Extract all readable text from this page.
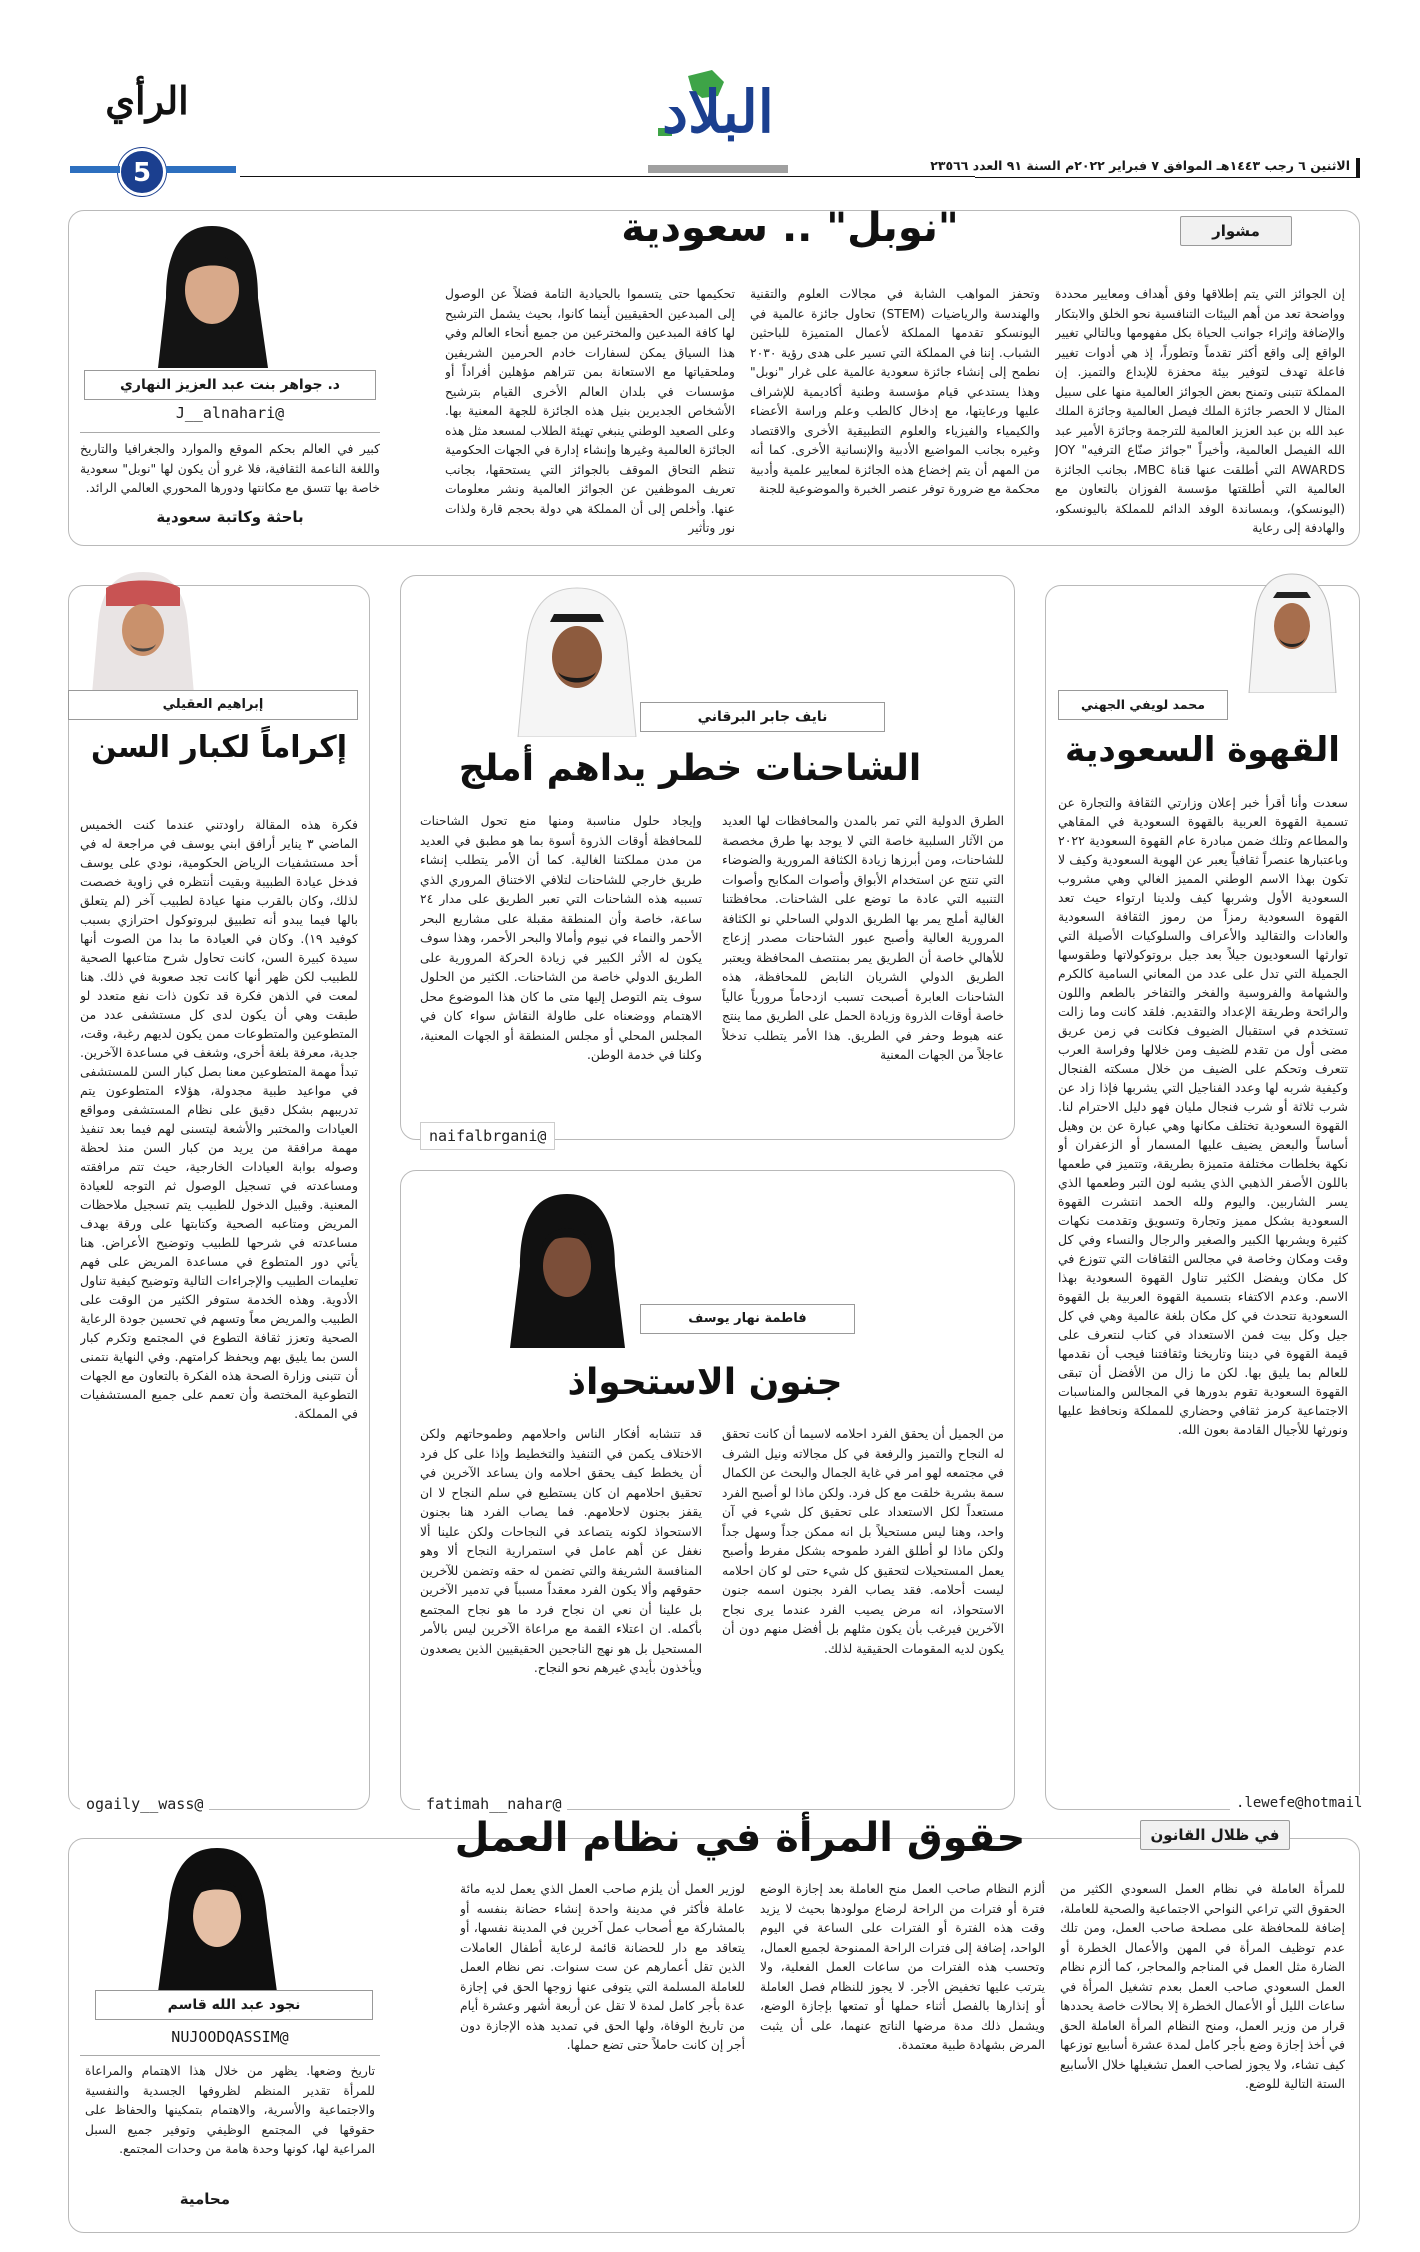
الرأي
5
البلاد
الاثنين ٦ رجب ١٤٤٣هـ الموافق ٧ فبراير ٢٠٢٢م السنة ٩١ العدد ٢٣٥٦٦
مشوار
"نوبل" .. سعودية
إن الجوائز التي يتم إطلاقها وفق أهداف ومعايير محددة وواضحة تعد من أهم البيئات التنافسية نحو الخلق والابتكار والإضافة وإثراء جوانب الحياة بكل مفهومها وبالتالي تغيير الواقع إلى واقع أكثر تقدماً وتطوراً، إذ هي أدوات تغيير فاعلة تهدف لتوفير بيئة محفزة للإبداع والتميز. إن المملكة تتبنى وتمنح بعض الجوائز العالمية منها على سبيل المثال لا الحصر جائزة الملك فيصل العالمية وجائزة الملك عبد الله بن عبد العزيز العالمية للترجمة وجائزة الأمير عبد الله الفيصل العالمية، وأخيراً "جوائز صنّاع الترفيه" JOY AWARDS التي أطلقت عنها قناة MBC، بجانب الجائزة العالمية التي أطلقتها مؤسسة الفوزان بالتعاون مع (اليونسكو)، وبمساندة الوفد الدائم للمملكة باليونسكو، والهادفة إلى رعاية
وتحفز المواهب الشابة في مجالات العلوم والتقنية والهندسة والرياضيات (STEM) تحاول جائزة عالمية في اليونسكو تقدمها المملكة لأعمال المتميزة للباحثين الشباب. إننا في المملكة التي تسير على هدى رؤية ٢٠٣٠ نطمح إلى إنشاء جائزة سعودية عالمية على غرار "نوبل" وهذا يستدعي قيام مؤسسة وطنية أكاديمية للإشراف عليها ورعايتها، مع إدخال كالطب وعلم وراسة الأعضاء والكيمياء والفيزياء والعلوم التطبيقية الأخرى والاقتصاد وغيره بجانب المواضيع الأدبية والإنسانية الأخرى. كما أنه من المهم أن يتم إخضاع هذه الجائزة لمعايير علمية وأدبية محكمة مع ضرورة توفر عنصر الخبرة والموضوعية للجنة
تحكيمها حتى يتسموا بالحيادية التامة فضلاً عن الوصول إلى المبدعين الحقيقيين أينما كانوا، بحيث يشمل الترشيح لها كافة المبدعين والمخترعين من جميع أنحاء العالم وفي هذا السياق يمكن لسفارات خادم الحرمين الشريفين وملحقياتها مع الاستعانة بمن تتراهم مؤهلين أفراداً أو مؤسسات في بلدان العالم الأخرى القيام بترشيح الأشخاص الجديرين بنيل هذه الجائزة للجهة المعنية بها. وعلى الصعيد الوطني ينبغي تهيئة الطلاب لمسعد مثل هذه الجائزة العالمية وغيرها وإنشاء إدارة في الجهات الحكومية تنظم التحاق الموقف بالجوائز التي يستحقها، بجانب تعريف الموظفين عن الجوائز العالمية ونشر معلومات عنها. وأخلص إلى أن المملكة هي دولة بحجم قارة ولذات نور وتأثير
د. جواهر بنت عبد العزيز النهاري
@J__alnahari
كبير في العالم بحكم الموقع والموارد والجغرافيا والتاريخ واللغة الناعمة الثقافية، فلا غرو أن يكون لها "نوبل" سعودية خاصة بها تتسق مع مكانتها ودورها المحوري العالمي الرائد.
باحثة وكاتبة سعودية
محمد لويفي الجهني
القهوة السعودية
سعدت وأنا أقرأ خبر إعلان وزارتي الثقافة والتجارة عن تسمية القهوة العربية بالقهوة السعودية في المقاهي والمطاعم وتلك ضمن مبادرة عام القهوة السعودية ٢٠٢٢ وباعتبارها عنصراً ثقافياً يعبر عن الهوية السعودية وكيف لا تكون بهذا الاسم الوطني المميز الغالي وهي مشروب السعودية الأول وشربها كيف ولدينا ارتواء حيث تعد القهوة السعودية رمزاً من رموز الثقافة السعودية والعادات والتقاليد والأعراف والسلوكيات الأصيلة التي توارثها السعوديون جيلاً بعد جيل بروتوكولاتها وطقوسها الجميلة التي تدل على عدد من المعاني السامية كالكرم والشهامة والفروسية والفخر والتفاخر بالطعم واللون والرائحة وطريقة الإعداد والتقديم. فلقد كانت وما زالت تستخدم في استقبال الضيوف فكانت في زمن عريق مضى أول من تقدم للضيف ومن خلالها وفراسة العرب تتعرف وتحكم على الضيف من خلال مسكته الفنجال وكيفية شربه لها وعدد الفناجيل التي يشربها فإذا زاد عن شرب ثلاثة أو شرب فنجال مليان فهو دليل الاحترام لنا. القهوة السعودية تختلف مكانها وهي عبارة عن بن وهيل أساساً والبعض يضيف عليها المسمار أو الزعفران أو نكهة بخلطات مختلفة متميزة بطريقة، وتتميز في طعمها باللون الأصفر الذهبي الذي يشبه لون التبر وطعمها الذي يسر الشاربين. واليوم ولله الحمد انتشرت القهوة السعودية بشكل مميز وتجارة وتسويق وتقدمت نكهات كثيرة ويشربها الكبير والصغير والرجال والنساء وفي كل وقت ومكان وخاصة في مجالس الثقافات التي تتوزع في كل مكان ويفضل الكثير تناول القهوة السعودية بهذا الاسم. وعدم الاكتفاء بتسمية القهوة العربية بل القهوة السعودية تتحدث في كل مكان بلغة عالمية وهي في كل جيل وكل بيت فمن الاستعداد في كتاب لنتعرف على قيمة القهوة في ديننا وتاريخنا وثقافتنا فيجب أن نقدمها للعالم بما يليق بها. لكن ما زال من الأفضل أن تبقى القهوة السعودية تقوم بدورها في المجالس والمناسبات الاجتماعية كرمز ثقافي وحضاري للمملكة ونحافظ عليها ونورثها للأجيال القادمة بعون الله.
lewefe@hotmail.
نايف جابر البرقاني
الشاحنات خطر يداهم أملج
الطرق الدولية التي تمر بالمدن والمحافظات لها العديد من الآثار السلبية خاصة التي لا يوجد بها طرق مخصصة للشاحنات، ومن أبرزها زيادة الكثافة المرورية والضوضاء التي تنتج عن استخدام الأبواق وأصوات المكابح وأصوات التنبيه التي عادة ما توضع على الشاحنات. محافظتنا الغالية أملج يمر بها الطريق الدولي الساحلي نو الكثافة المرورية العالية وأصبح عبور الشاحنات مصدر إزعاج للأهالي خاصة أن الطريق يمر بمنتصف المحافظة ويعتبر الطريق الدولي الشريان النابض للمحافظة، هذه الشاحنات العابرة أصبحت تسبب ازدحاماً مرورياً عالياً خاصة أوقات الذروة وزيادة الحمل على الطريق مما ينتج عنه هبوط وحفر في الطريق. هذا الأمر يتطلب تدخلاً عاجلاً من الجهات المعنية
وإيجاد حلول مناسبة ومنها منع تحول الشاحنات للمحافظة أوقات الذروة أسوة بما هو مطبق في العديد من مدن مملكتنا الغالية. كما أن الأمر يتطلب إنشاء طريق خارجي للشاحنات لتلافي الاختناق المروري الذي تسببه هذه الشاحنات التي تعبر الطريق على مدار ٢٤ ساعة، خاصة وأن المنطقة مقبلة على مشاريع البحر الأحمر والنماء في نيوم وأمالا والبحر الأحمر، وهذا سوف يكون له الأثر الكبير في زيادة الحركة المرورية على الطريق الدولي خاصة من الشاحنات. الكثير من الحلول سوف يتم التوصل إليها متى ما كان هذا الموضوع محل الاهتمام ووضعناه على طاولة النقاش سواء كان في المجلس المحلي أو مجلس المنطقة أو الجهات المعنية، وكلنا في خدمة الوطن.
@naifalbrgani
إبراهيم العقيلي
إكراماً لكبار السن
فكرة هذه المقالة راودتني عندما كنت الخميس الماضي ٣ يناير أرافق ابني يوسف في مراجعة له في أحد مستشفيات الرياض الحكومية، نودي على يوسف فدخل عيادة الطبيبة وبقيت أنتظره في زاوية خصصت لذلك، وكان بالقرب منها عيادة لطبيب آخر (لم يتعلق بالها فيما يبدو أنه تطبيق لبروتوكول احترازي بسبب كوفيد ١٩). وكان في العيادة ما بدا من الصوت أنها سيدة كبيرة السن، كانت تحاول شرح متاعبها الصحية للطبيب لكن ظهر أنها كانت تجد صعوبة في ذلك. هنا لمعت في الذهن فكرة قد تكون ذات نفع متعدد لو طبقت وهي أن يكون لدى كل مستشفى عدد من المتطوعين والمتطوعات ممن يكون لديهم رغبة، وقت، جدية، معرفة بلغة أخرى، وشغف في مساعدة الآخرين. تبدأ مهمة المتطوعين معنا بصل كبار السن للمستشفى في مواعيد طبية مجدولة، هؤلاء المتطوعون يتم تدريبهم بشكل دقيق على نظام المستشفى ومواقع العيادات والمختبر والأشعة ليتسنى لهم فيما بعد تنفيذ مهمة مرافقة من يريد من كبار السن منذ لحظة وصوله بوابة العيادات الخارجية، حيث تتم مرافقته ومساعدته في تسجيل الوصول ثم التوجه للعيادة المعنية. وقبيل الدخول للطبيب يتم تسجيل ملاحظات المريض ومتاعبه الصحية وكتابتها على ورقة بهدف مساعدته في شرحها للطبيب وتوضيح الأعراض. هنا يأتي دور المتطوع في مساعدة المريض على فهم تعليمات الطبيب والإجراءات التالية وتوضيح كيفية تناول الأدوية. وهذه الخدمة ستوفر الكثير من الوقت على الطبيب والمريض معاً وتسهم في تحسين جودة الرعاية الصحية وتعزز ثقافة التطوع في المجتمع وتكرم كبار السن بما يليق بهم ويحفظ كرامتهم. وفي النهاية نتمنى أن تتبنى وزارة الصحة هذه الفكرة بالتعاون مع الجهات التطوعية المختصة وأن تعمم على جميع المستشفيات في المملكة.
@ogaily__wass
فاطمة نهار يوسف
جنون الاستحواذ
من الجميل أن يحقق الفرد احلامه لاسيما أن كانت تحقق له النجاح والتميز والرفعة في كل مجالاته ونيل الشرف في مجتمعه لهو امر في غاية الجمال والبحث عن الكمال سمة بشرية خلقت مع كل فرد. ولكن ماذا لو أصبح الفرد مستعداً لكل الاستعداد على تحقيق كل شيء في آن واحد، وهنا ليس مستحيلاً بل انه ممكن جداً وسهل جداً ولكن ماذا لو أطلق الفرد طموحه بشكل مفرط وأصبح يعمل المستحيلات لتحقيق كل شيء حتى لو كان احلامه ليست أحلامه. فقد يصاب الفرد بجنون اسمه جنون الاستحواذ، انه مرض يصيب الفرد عندما يرى نجاح الآخرين فيرغب بأن يكون مثلهم بل أفضل منهم دون أن يكون لديه المقومات الحقيقية لذلك.
قد تتشابه أفكار الناس واحلامهم وطموحاتهم ولكن الاختلاف يكمن في التنفيذ والتخطيط وإذا على كل فرد أن يخطط كيف يحقق احلامه وان يساعد الآخرين في تحقيق احلامهم ان كان يستطيع في سلم النجاح لا ان يقفز بجنون لاحلامهم. فما يصاب الفرد هنا بجنون الاستحواذ لكونه يتصاعد في النجاحات ولكن علينا ألا نغفل عن أهم عامل في استمرارية النجاح ألا وهو المنافسة الشريفة والتي تضمن له حقه وتضمن للآخرين حقوقهم وألا يكون الفرد معقداً مسبباً في تدمير الآخرين بل علينا أن نعي ان نجاح فرد ما هو نجاح المجتمع بأكمله. ان اعتلاء القمة مع مراعاة الآخرين ليس بالأمر المستحيل بل هو نهج الناجحين الحقيقيين الذين يصعدون ويأخذون بأيدي غيرهم نحو النجاح.
@fatimah__nahar
في ظلال القانون
حقوق المرأة في نظام العمل
للمرأة العاملة في نظام العمل السعودي الكثير من الحقوق التي تراعي النواحي الاجتماعية والصحية للعاملة، إضافة للمحافظة على مصلحة صاحب العمل، ومن تلك عدم توظيف المرأة في المهن والأعمال الخطرة أو الضارة مثل العمل في المناجم والمحاجر، كما ألزم نظام العمل السعودي صاحب العمل بعدم تشغيل المرأة في ساعات الليل أو الأعمال الخطرة إلا بحالات خاصة يحددها قرار من وزير العمل، ومنح النظام المرأة العاملة الحق في أخذ إجازة وضع بأجر كامل لمدة عشرة أسابيع توزعها كيف تشاء، ولا يجوز لصاحب العمل تشغيلها خلال الأسابيع الستة التالية للوضع.
ألزم النظام صاحب العمل منح العاملة بعد إجازة الوضع فترة أو فترات من الراحة لرضاع مولودها بحيث لا يزيد وقت هذه الفترة أو الفترات على الساعة في اليوم الواحد، إضافة إلى فترات الراحة الممنوحة لجميع العمال، وتحسب هذه الفترات من ساعات العمل الفعلية، ولا يترتب عليها تخفيض الأجر. لا يجوز للنظام فصل العاملة أو إنذارها بالفصل أثناء حملها أو تمتعها بإجازة الوضع، ويشمل ذلك مدة مرضها الناتج عنهما، على أن يثبت المرض بشهادة طبية معتمدة.
لوزير العمل أن يلزم صاحب العمل الذي يعمل لديه مائة عاملة فأكثر في مدينة واحدة إنشاء حضانة بنفسه أو بالمشاركة مع أصحاب عمل آخرين في المدينة نفسها، أو يتعاقد مع دار للحضانة قائمة لرعاية أطفال العاملات الذين تقل أعمارهم عن ست سنوات. نص نظام العمل للعاملة المسلمة التي يتوفى عنها زوجها الحق في إجازة عدة بأجر كامل لمدة لا تقل عن أربعة أشهر وعشرة أيام من تاريخ الوفاة، ولها الحق في تمديد هذه الإجازة دون أجر إن كانت حاملاً حتى تضع حملها.
نجود عبد الله قاسم
@NUJOODQASSIM
تاريخ وضعها. يظهر من خلال هذا الاهتمام والمراعاة للمرأة تقدير المنظم لظروفها الجسدية والنفسية والاجتماعية والأسرية، والاهتمام بتمكينها والحفاظ على حقوقها في المجتمع الوظيفي وتوفير جميع السبل المراعية لها، كونها وحدة هامة من وحدات المجتمع.
محامية
